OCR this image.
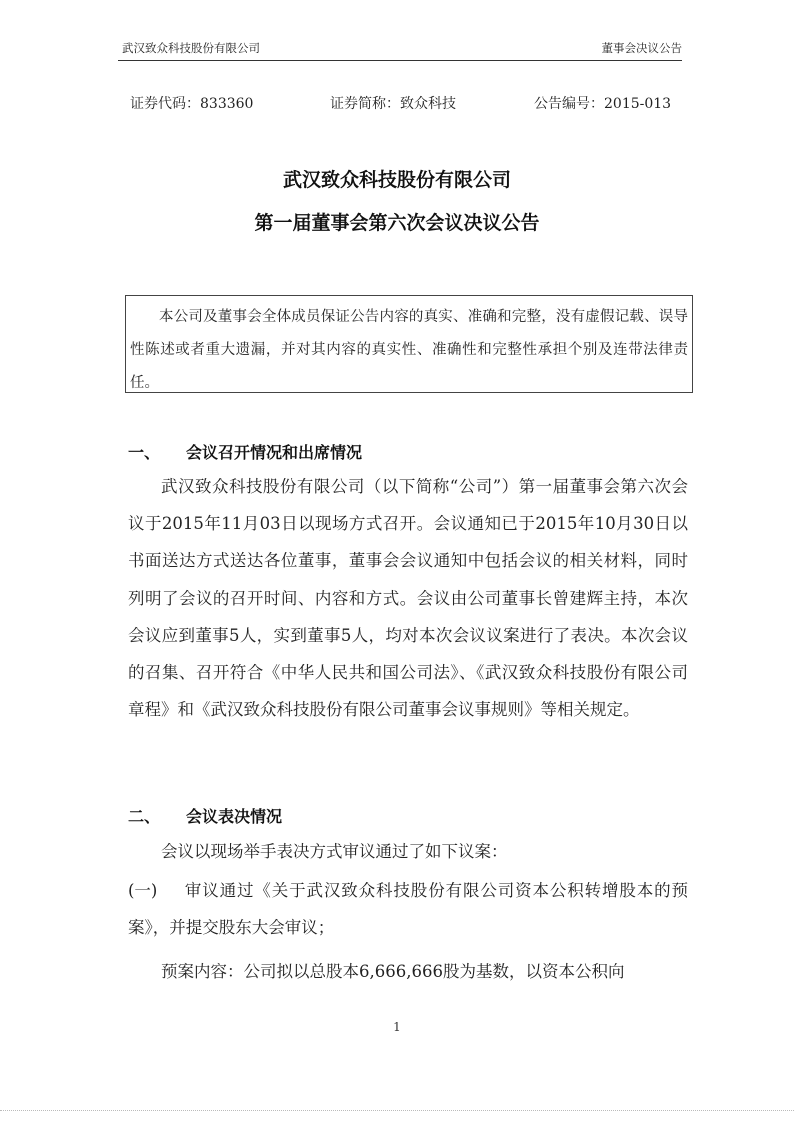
武汉致众科技股份有限公司	董事会决议公告
证券代码：833360	证券简称：致众科技	公告编号：2015-013
武汉致众科技股份有限公司
第一届董事会第六次会议决议公告
本公司及董事会全体成员保证公告内容的真实、准确和完整，没有虚假记载、误导性陈述或者重大遗漏，并对其内容的真实性、准确性和完整性承担个别及连带法律责任。
一、 会议召开情况和出席情况
武汉致众科技股份有限公司（以下简称“公司”）第一届董事会第六次会议于2015年11月03日以现场方式召开。会议通知已于2015年10月30日以书面送达方式送达各位董事，董事会会议通知中包括会议的相关材料，同时列明了会议的召开时间、内容和方式。会议由公司董事长曾建辉主持，本次会议应到董事5人，实到董事5人，均对本次会议议案进行了表决。本次会议的召集、召开符合《中华人民共和国公司法》、《武汉致众科技股份有限公司章程》和《武汉致众科技股份有限公司董事会议事规则》等相关规定。
二、 会议表决情况
会议以现场举手表决方式审议通过了如下议案：
(一) 审议通过《关于武汉致众科技股份有限公司资本公积转增股本的预案》，并提交股东大会审议；
预案内容：公司拟以总股本6,666,666股为基数，以资本公积向
1
